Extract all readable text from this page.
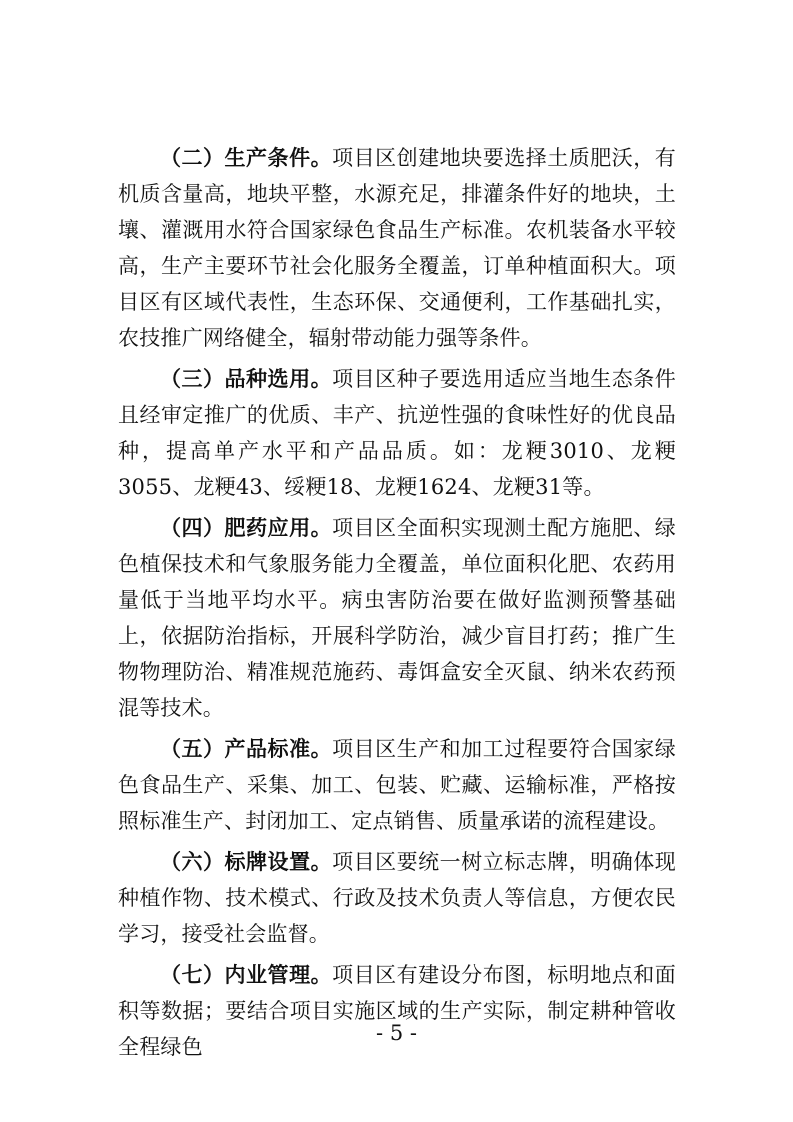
（二）生产条件。项目区创建地块要选择土质肥沃，有机质含量高，地块平整，水源充足，排灌条件好的地块，土壤、灌溉用水符合国家绿色食品生产标准。农机装备水平较高，生产主要环节社会化服务全覆盖，订单种植面积大。项目区有区域代表性，生态环保、交通便利，工作基础扎实，农技推广网络健全，辐射带动能力强等条件。

（三）品种选用。项目区种子要选用适应当地生态条件且经审定推广的优质、丰产、抗逆性强的食味性好的优良品种，提高单产水平和产品品质。如：龙粳3010、龙粳3055、龙粳43、绥粳18、龙粳1624、龙粳31等。

（四）肥药应用。项目区全面积实现测土配方施肥、绿色植保技术和气象服务能力全覆盖，单位面积化肥、农药用量低于当地平均水平。病虫害防治要在做好监测预警基础上，依据防治指标，开展科学防治，减少盲目打药；推广生物物理防治、精准规范施药、毒饵盒安全灭鼠、纳米农药预混等技术。

（五）产品标准。项目区生产和加工过程要符合国家绿色食品生产、采集、加工、包装、贮藏、运输标准，严格按照标准生产、封闭加工、定点销售、质量承诺的流程建设。

（六）标牌设置。项目区要统一树立标志牌，明确体现种植作物、技术模式、行政及技术负责人等信息，方便农民学习，接受社会监督。

（七）内业管理。项目区有建设分布图，标明地点和面积等数据；要结合项目实施区域的生产实际，制定耕种管收全程绿色

- 5 -
